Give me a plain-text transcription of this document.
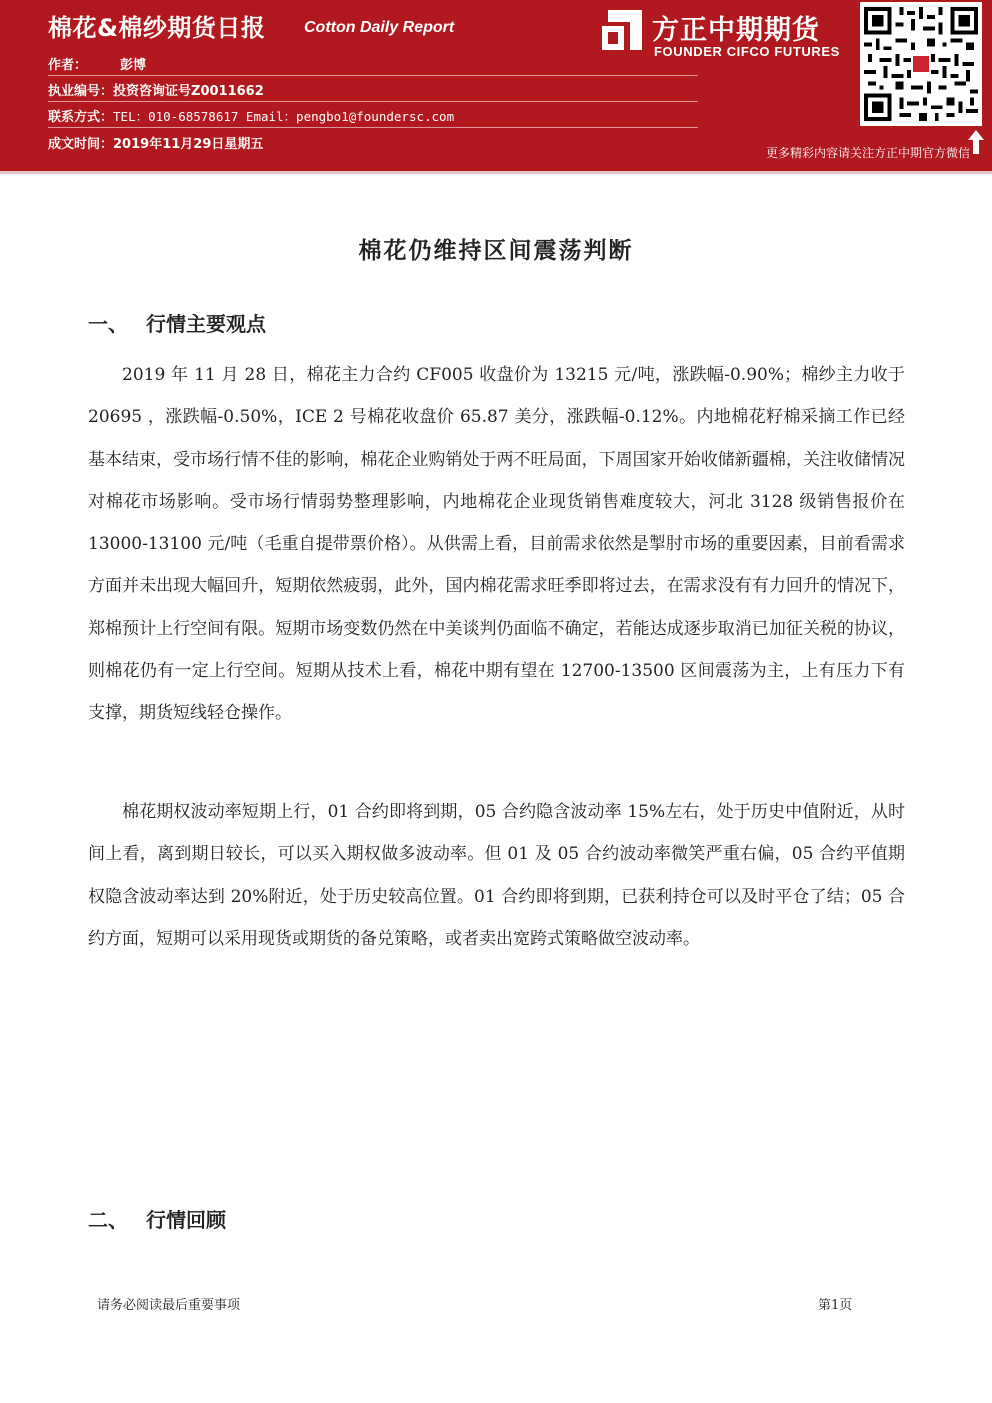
棉花&棉纱期货日报 Cotton Daily Report
作者：	彭博
执业编号：投资咨询证号Z0011662
联系方式：TEL：010-68578617 Email：pengbo1@foundersc.com
成文时间：2019年11月29日星期五
方正中期期货
FOUNDER CIFCO FUTURES
更多精彩内容请关注方正中期官方微信
棉花仍维持区间震荡判断
一、 行情主要观点

2019 年 11 月 28 日，棉花主力合约 CF005 收盘价为 13215 元/吨，涨跌幅-0.90%；棉纱主力收于 20695 ，涨跌幅-0.50%，ICE 2 号棉花收盘价 65.87 美分，涨跌幅-0.12%。内地棉花籽棉采摘工作已经基本结束，受市场行情不佳的影响，棉花企业购销处于两不旺局面，下周国家开始收储新疆棉，关注收储情况对棉花市场影响。受市场行情弱势整理影响，内地棉花企业现货销售难度较大，河北 3128 级销售报价在 13000-13100 元/吨（毛重自提带票价格）。从供需上看，目前需求依然是掣肘市场的重要因素，目前看需求方面并未出现大幅回升，短期依然疲弱，此外，国内棉花需求旺季即将过去，在需求没有有力回升的情况下，郑棉预计上行空间有限。短期市场变数仍然在中美谈判仍面临不确定，若能达成逐步取消已加征关税的协议，则棉花仍有一定上行空间。短期从技术上看，棉花中期有望在 12700-13500 区间震荡为主，上有压力下有支撑，期货短线轻仓操作。

棉花期权波动率短期上行，01 合约即将到期，05 合约隐含波动率 15%左右，处于历史中值附近，从时间上看，离到期日较长，可以买入期权做多波动率。但 01 及 05 合约波动率微笑严重右偏，05 合约平值期权隐含波动率达到 20%附近，处于历史较高位置。01 合约即将到期，已获利持仓可以及时平仓了结；05 合约方面，短期可以采用现货或期货的备兑策略，或者卖出宽跨式策略做空波动率。

二、 行情回顾
请务必阅读最后重要事项	第1页
